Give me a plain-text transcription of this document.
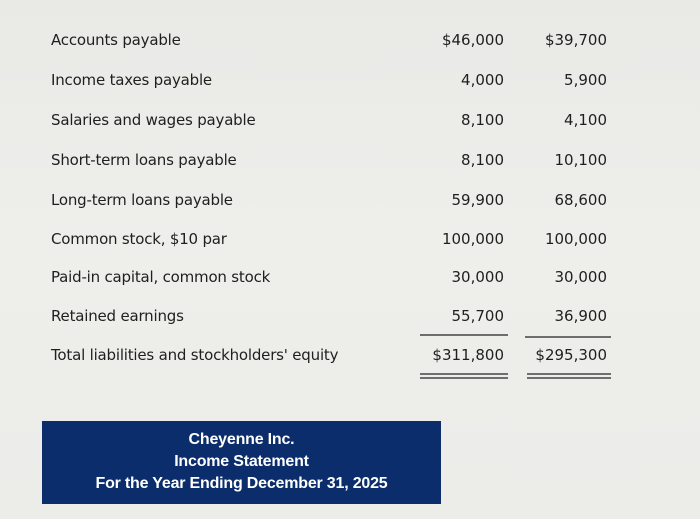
Accounts payable	$46,000	$39,700
Income taxes payable	4,000	5,900
Salaries and wages payable	8,100	4,100
Short-term loans payable	8,100	10,100
Long-term loans payable	59,900	68,600
Common stock, $10 par	100,000	100,000
Paid-in capital, common stock	30,000	30,000
Retained earnings	55,700	36,900
Total liabilities and stockholders' equity	$311,800 $295,300
Cheyenne Inc.
Income Statement
For the Year Ending December 31, 2025
